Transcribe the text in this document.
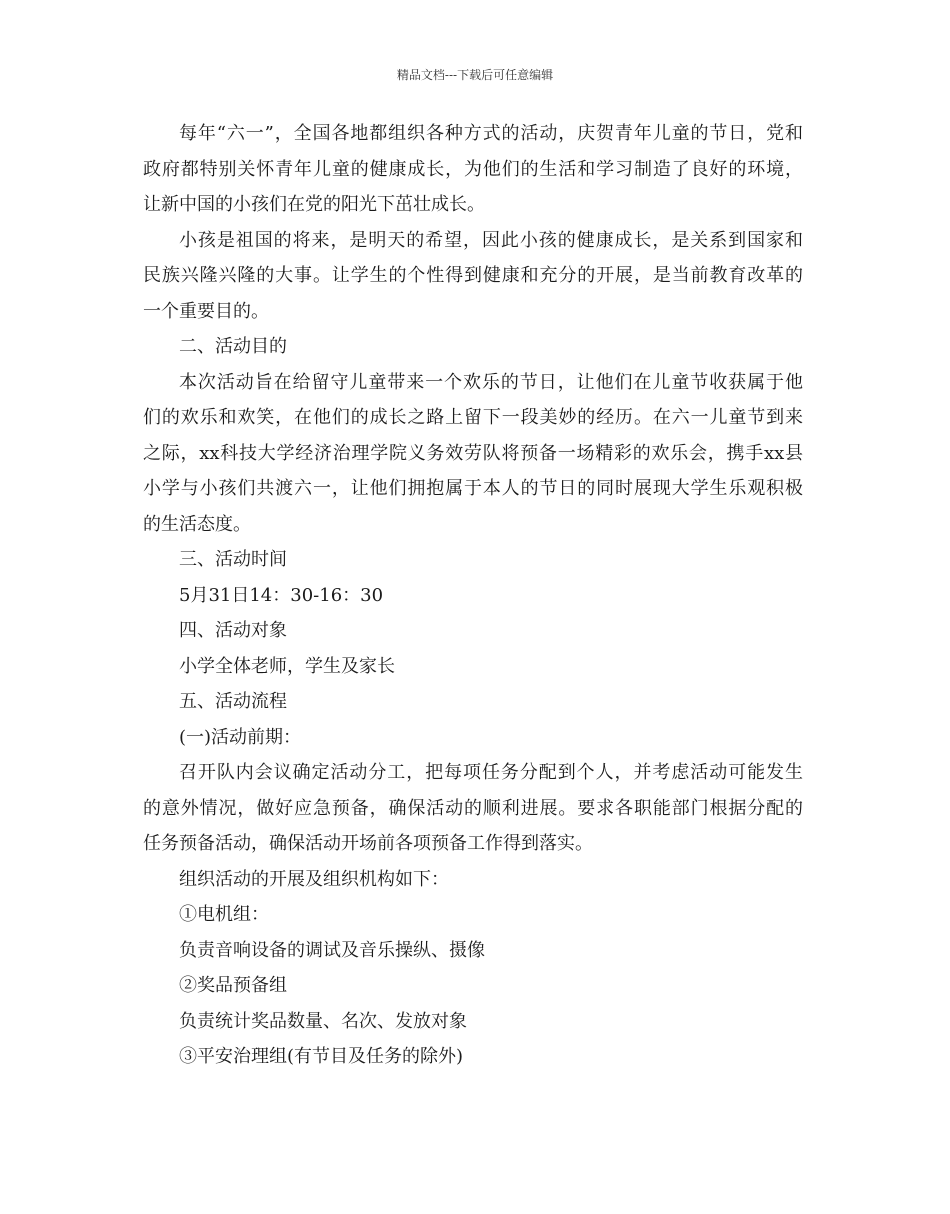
精品文档---下载后可任意编辑
每年“六一”，全国各地都组织各种方式的活动，庆贺青年儿童的节日，党和
政府都特别关怀青年儿童的健康成长，为他们的生活和学习制造了良好的环境，
让新中国的小孩们在党的阳光下茁壮成长。
小孩是祖国的将来，是明天的希望，因此小孩的健康成长，是关系到国家和
民族兴隆兴隆的大事。让学生的个性得到健康和充分的开展，是当前教育改革的
一个重要目的。
二、活动目的
本次活动旨在给留守儿童带来一个欢乐的节日，让他们在儿童节收获属于他
们的欢乐和欢笑，在他们的成长之路上留下一段美妙的经历。在六一儿童节到来
之际，xx科技大学经济治理学院义务效劳队将预备一场精彩的欢乐会，携手xx县
小学与小孩们共渡六一，让他们拥抱属于本人的节日的同时展现大学生乐观积极
的生活态度。
三、活动时间
5月31日14：30-16：30
四、活动对象
小学全体老师，学生及家长
五、活动流程
(一)活动前期：
召开队内会议确定活动分工，把每项任务分配到个人，并考虑活动可能发生
的意外情况，做好应急预备，确保活动的顺利进展。要求各职能部门根据分配的
任务预备活动，确保活动开场前各项预备工作得到落实。
组织活动的开展及组织机构如下：
①电机组：
负责音响设备的调试及音乐操纵、摄像
②奖品预备组
负责统计奖品数量、名次、发放对象
③平安治理组(有节目及任务的除外)
